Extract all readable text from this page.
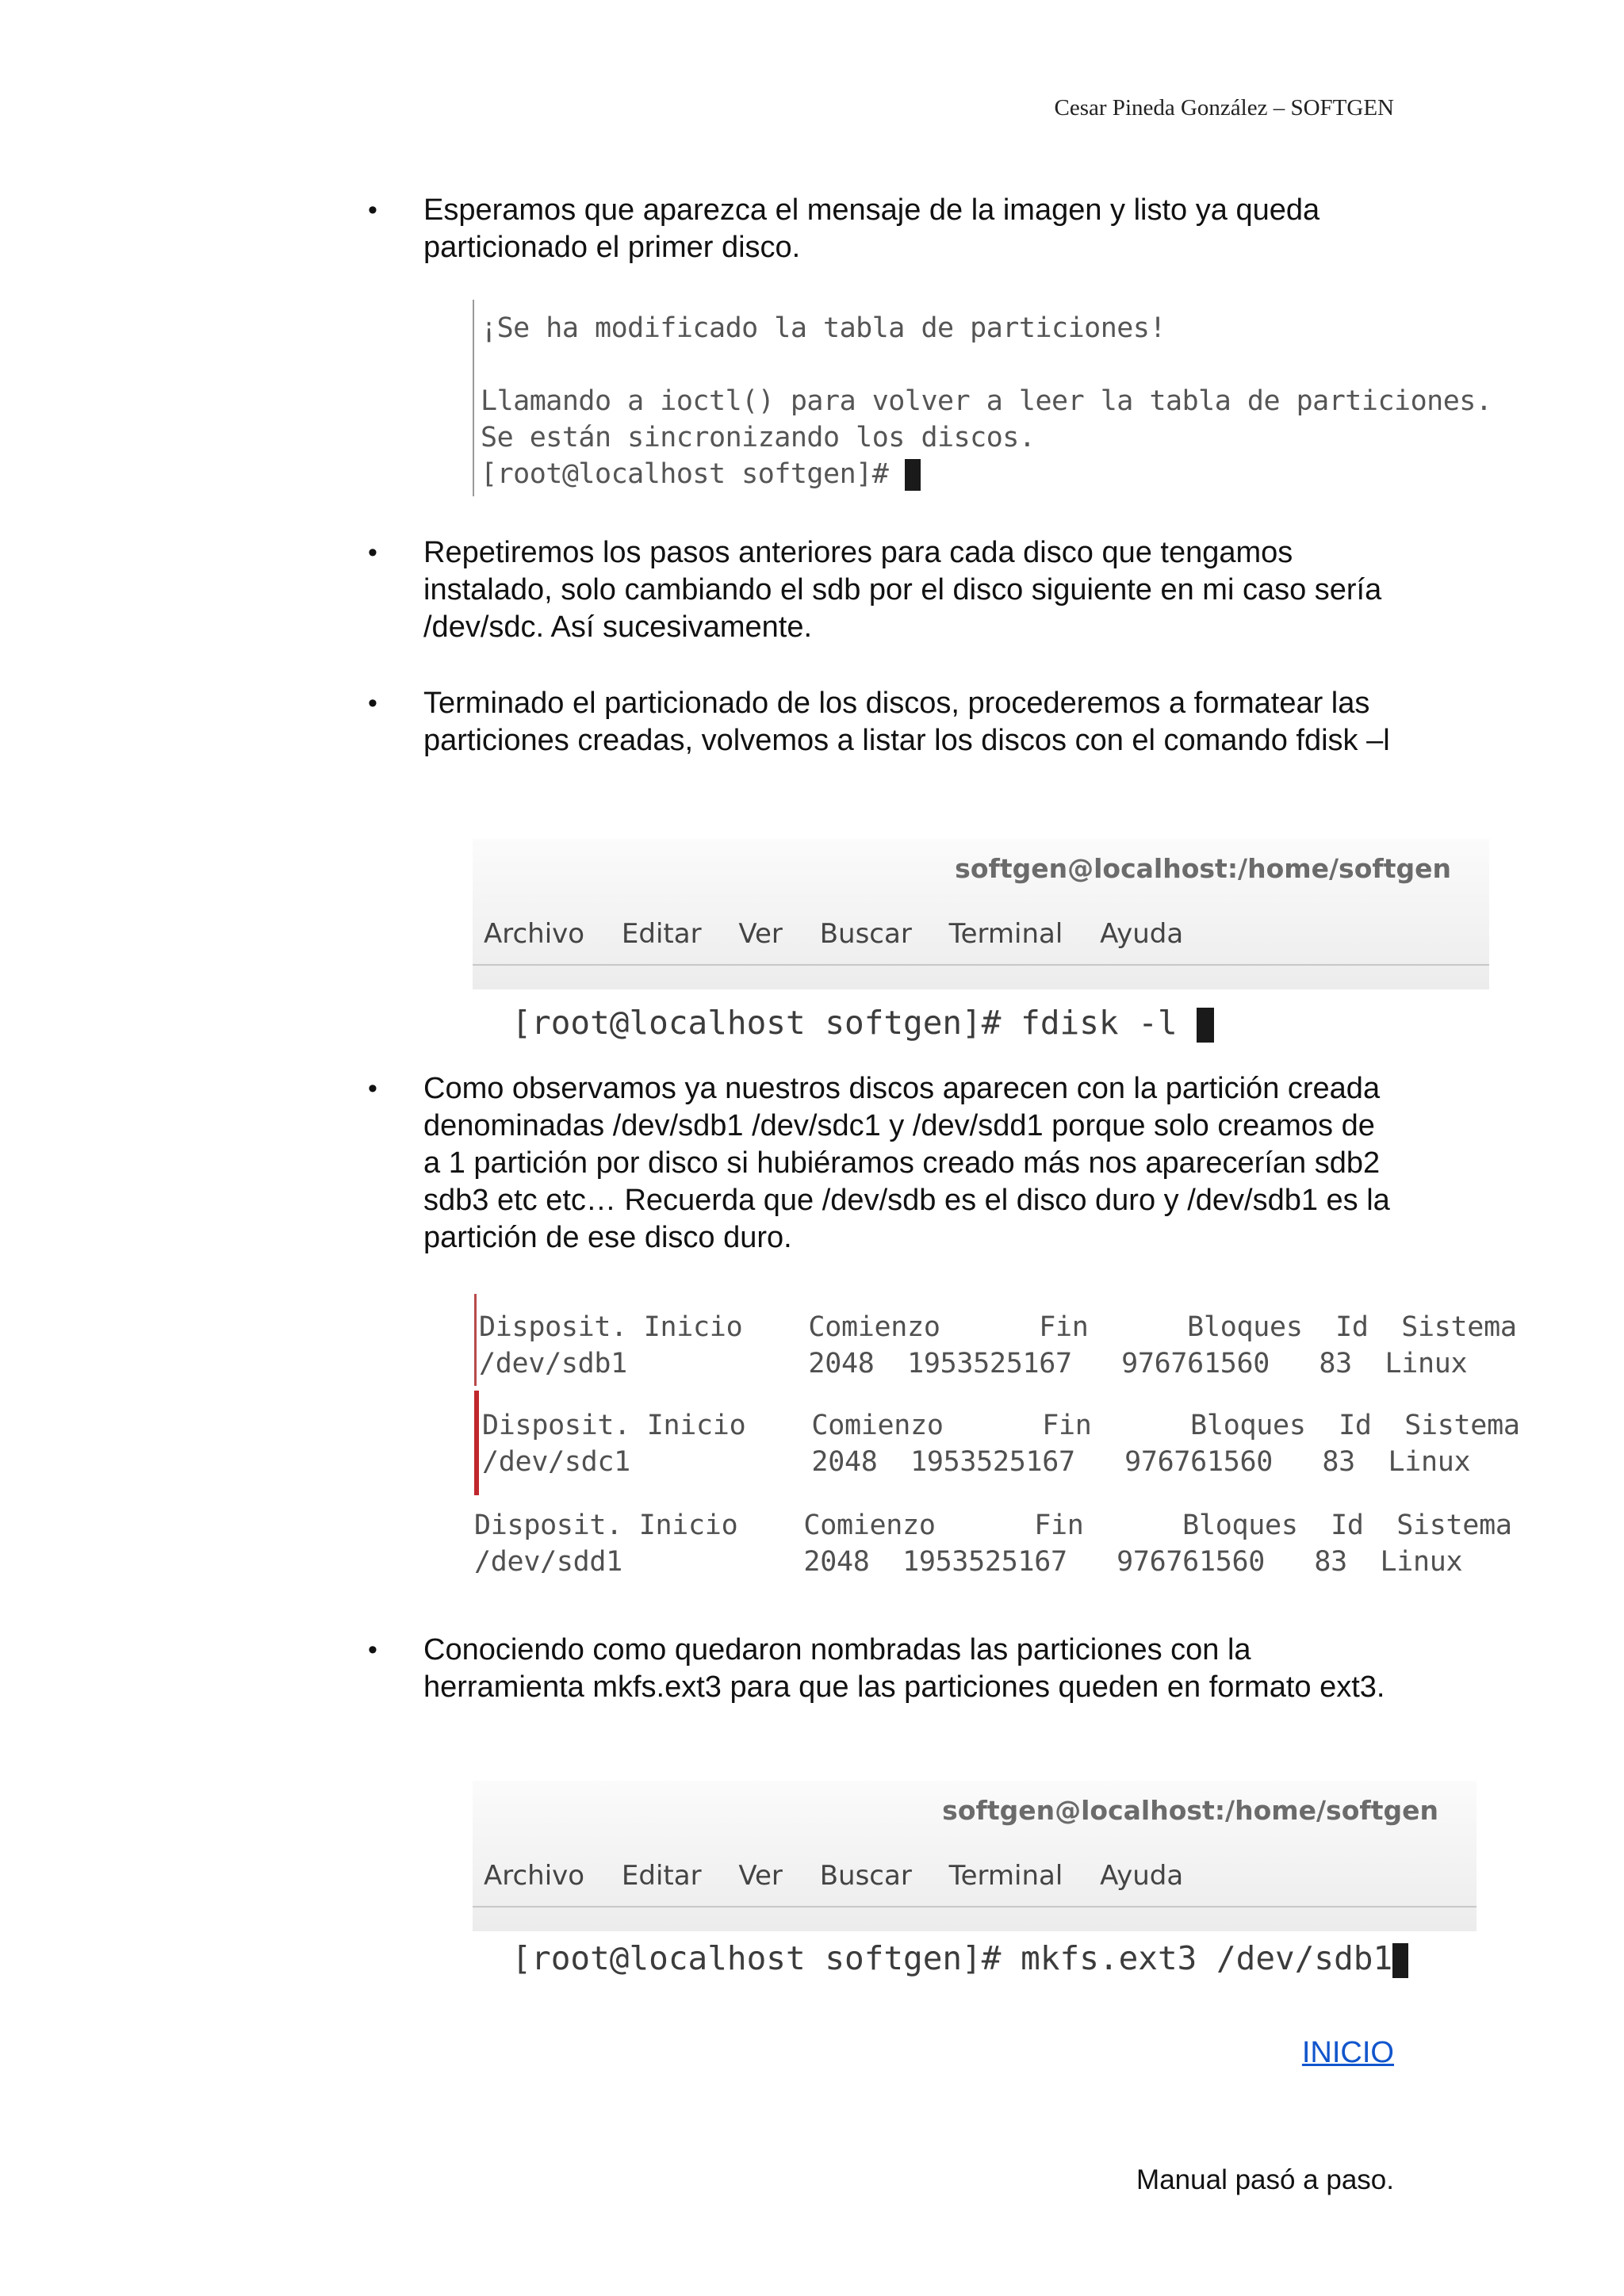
Cesar Pineda González – SOFTGEN
• Esperamos que aparezca el mensaje de la imagen y listo ya queda particionado el primer disco.
¡Se ha modificado la tabla de particiones!
Llamando a ioctl() para volver a leer la tabla de particiones.
Se están sincronizando los discos.
[root@localhost softgen]#
• Repetiremos los pasos anteriores para cada disco que tengamos instalado, solo cambiando el sdb por el disco siguiente en mi caso sería /dev/sdc. Así sucesivamente.
• Terminado el particionado de los discos, procederemos a formatear las particiones creadas, volvemos a listar los discos con el comando fdisk –l
softgen@localhost:/home/softgen
Archivo Editar Ver Buscar Terminal Ayuda

[root@localhost softgen]# fdisk -l

• Como observamos ya nuestros discos aparecen con la partición creada denominadas /dev/sdb1 /dev/sdc1 y /dev/sdd1 porque solo creamos de a 1 partición por disco si hubiéramos creado más nos aparecerían sdb2 sdb3 etc etc… Recuerda que /dev/sdb es el disco duro y /dev/sdb1 es la partición de ese disco duro.
Disposit. Inicio    Comienzo      Fin      Bloques  Id  Sistema
/dev/sdb1           2048  1953525167   976761560   83  Linux
Disposit. Inicio    Comienzo      Fin      Bloques  Id  Sistema
/dev/sdc1           2048  1953525167   976761560   83  Linux
Disposit. Inicio    Comienzo      Fin      Bloques  Id  Sistema
/dev/sdd1           2048  1953525167   976761560   83  Linux
• Conociendo como quedaron nombradas las particiones con la herramienta mkfs.ext3 para que las particiones queden en formato ext3.
softgen@localhost:/home/softgen
Archivo Editar Ver Buscar Terminal Ayuda

[root@localhost softgen]# mkfs.ext3 /dev/sdb1

INICIO
Manual pasó a paso.
